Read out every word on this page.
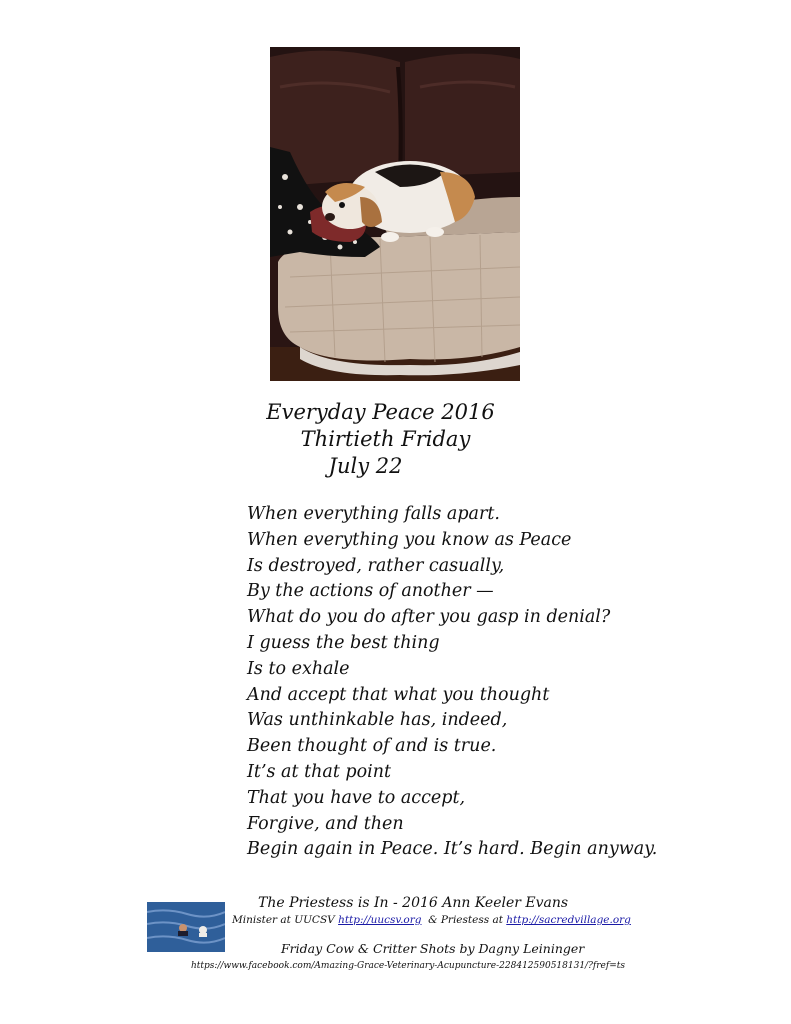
Everyday Peace 2016
Thirtieth Friday
July 22
When everything falls apart.
When everything you know as Peace
Is destroyed, rather casually,
By the actions of another —
What do you do after you gasp in denial?
I guess the best thing
Is to exhale
And accept that what you thought
Was unthinkable has, indeed,
Been thought of and is true.
It’s at that point
That you have to accept,
Forgive, and then
Begin again in Peace. It’s hard. Begin anyway.
The Priestess is In - 2016 Ann Keeler Evans
Minister at UUCSV http://uucsv.org  & Priestess at http://sacredvillage.org
Friday Cow & Critter Shots by Dagny Leininger
https://www.facebook.com/Amazing-Grace-Veterinary-Acupuncture-228412590518131/?fref=ts
